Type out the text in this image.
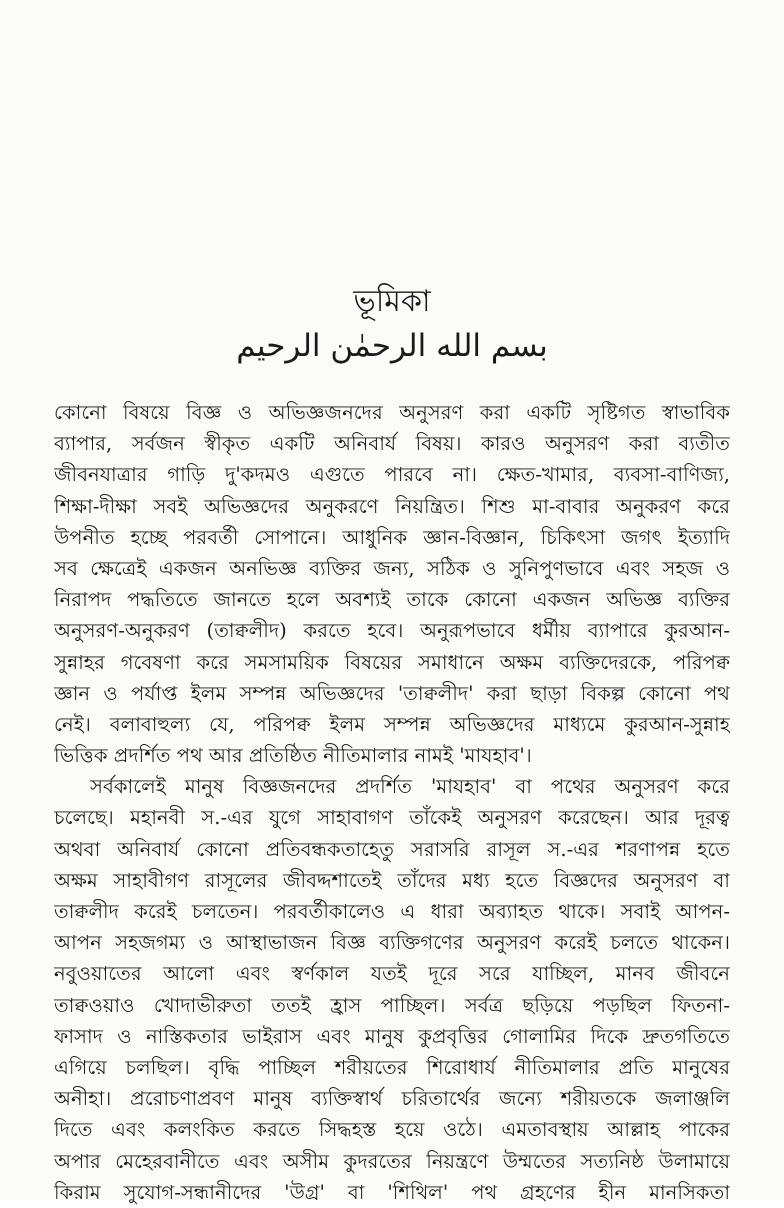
ভূমিকা
بسم الله الرحمٰن الرحيم
কোনো বিষয়ে বিজ্ঞ ও অভিজ্ঞজনদের অনুসরণ করা একটি সৃষ্টিগত স্বাভাবিক
ব্যাপার, সর্বজন স্বীকৃত একটি অনিবার্য বিষয়। কারও অনুসরণ করা ব্যতীত
জীবনযাত্রার গাড়ি দু'কদমও এগুতে পারবে না। ক্ষেত-খামার, ব্যবসা-বাণিজ্য,
শিক্ষা-দীক্ষা সবই অভিজ্ঞদের অনুকরণে নিয়ন্ত্রিত। শিশু মা-বাবার অনুকরণ করে
উপনীত হচ্ছে পরবর্তী সোপানে। আধুনিক জ্ঞান-বিজ্ঞান, চিকিৎসা জগৎ ইত্যাদি
সব ক্ষেত্রেই একজন অনভিজ্ঞ ব্যক্তির জন্য, সঠিক ও সুনিপুণভাবে এবং সহজ ও
নিরাপদ পদ্ধতিতে জানতে হলে অবশ্যই তাকে কোনো একজন অভিজ্ঞ ব্যক্তির
অনুসরণ-অনুকরণ (তাক্বলীদ) করতে হবে। অনুরূপভাবে ধর্মীয় ব্যাপারে কুরআন-
সুন্নাহর গবেষণা করে সমসাময়িক বিষয়ের সমাধানে অক্ষম ব্যক্তিদেরকে, পরিপক্ব
জ্ঞান ও পর্যাপ্ত ইলম সম্পন্ন অভিজ্ঞদের 'তাক্বলীদ' করা ছাড়া বিকল্প কোনো পথ
নেই। বলাবাহুল্য যে, পরিপক্ব ইলম সম্পন্ন অভিজ্ঞদের মাধ্যমে কুরআন-সুন্নাহ
ভিত্তিক প্রদর্শিত পথ আর প্রতিষ্ঠিত নীতিমালার নামই 'মাযহাব'।
সর্বকালেই মানুষ বিজ্ঞজনদের প্রদর্শিত 'মাযহাব' বা পথের অনুসরণ করে
চলেছে। মহানবী স.-এর যুগে সাহাবাগণ তাঁকেই অনুসরণ করেছেন। আর দূরত্ব
অথবা অনিবার্য কোনো প্রতিবন্ধকতাহেতু সরাসরি রাসূল স.-এর শরণাপন্ন হতে
অক্ষম সাহাবীগণ রাসূলের জীবদ্দশাতেই তাঁদের মধ্য হতে বিজ্ঞদের অনুসরণ বা
তাক্বলীদ করেই চলতেন। পরবর্তীকালেও এ ধারা অব্যাহত থাকে। সবাই আপন-
আপন সহজগম্য ও আস্থাভাজন বিজ্ঞ ব্যক্তিগণের অনুসরণ করেই চলতে থাকেন।
নবুওয়াতের আলো এবং স্বর্ণকাল যতই দূরে সরে যাচ্ছিল, মানব জীবনে
তাক্বওয়াও খোদাভীরুতা ততই হ্রাস পাচ্ছিল। সর্বত্র ছড়িয়ে পড়ছিল ফিতনা-
ফাসাদ ও নাস্তিকতার ভাইরাস এবং মানুষ কুপ্রবৃত্তির গোলামির দিকে দ্রুতগতিতে
এগিয়ে চলছিল। বৃদ্ধি পাচ্ছিল শরীয়তের শিরোধার্য নীতিমালার প্রতি মানুষের
অনীহা। প্ররোচণাপ্রবণ মানুষ ব্যক্তিস্বার্থ চরিতার্থের জন্যে শরীয়তকে জলাঞ্জলি
দিতে এবং কলংকিত করতে সিদ্ধহস্ত হয়ে ওঠে। এমতাবস্থায় আল্লাহ পাকের
অপার মেহেরবানীতে এবং অসীম কুদরতের নিয়ন্ত্রণে উম্মতের সত্যনিষ্ঠ উলামায়ে
কিরাম সুযোগ-সন্ধানীদের 'উগ্র' বা 'শিথিল' পথ গ্রহণের হীন মানসিকতা
